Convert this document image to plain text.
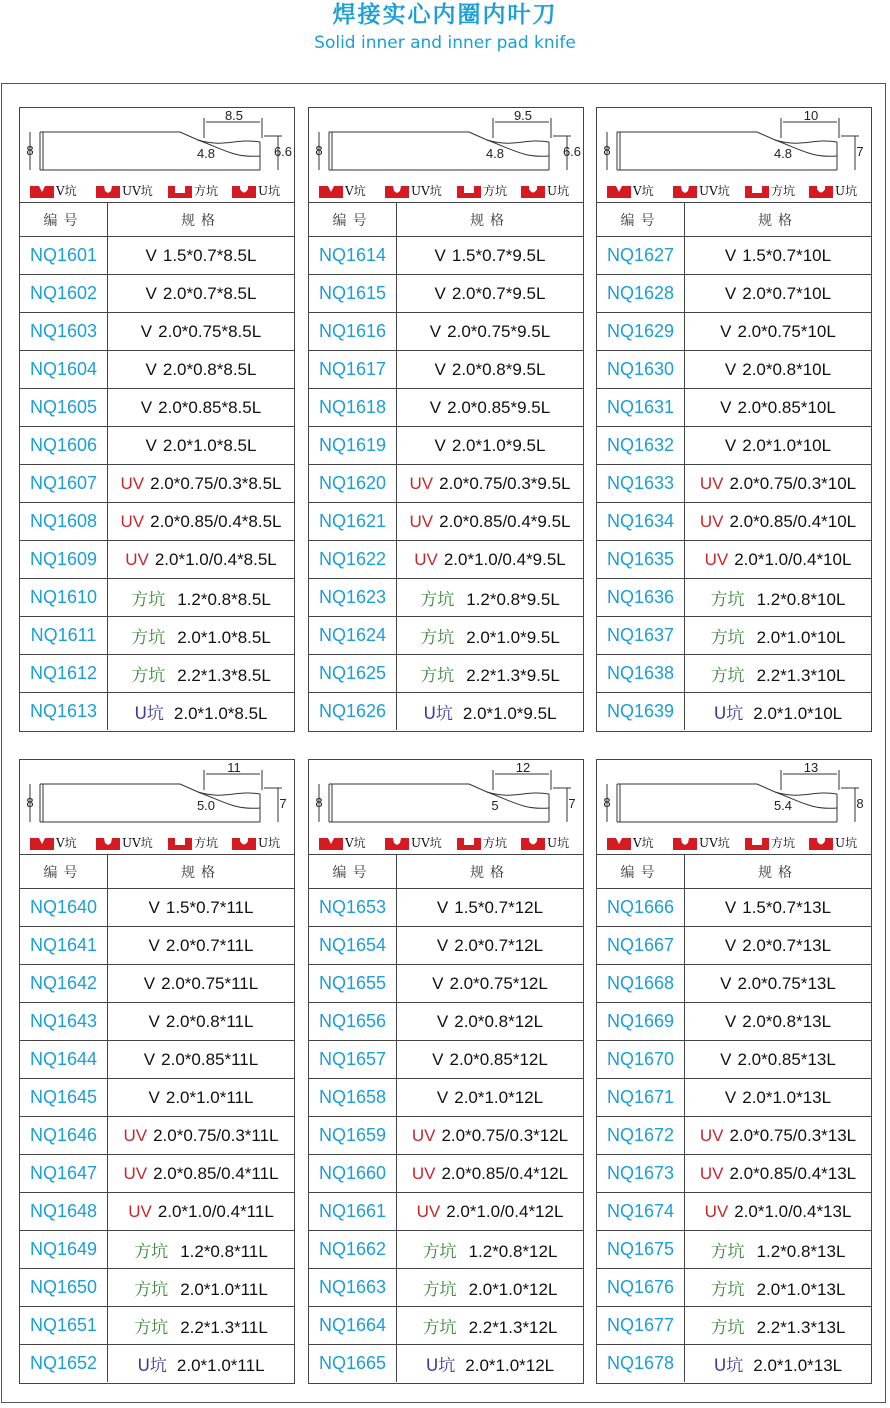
焊接实心内圈内叶刀
Solid inner and inner pad knife
8.5
8	4.8	6.6
V坑	UV坑	方坑	U坑
编号	规格
NQ1601	V 1.5*0.7*8.5L
NQ1602	V 2.0*0.7*8.5L
NQ1603	V 2.0*0.75*8.5L
NQ1604	V 2.0*0.8*8.5L
NQ1605	V 2.0*0.85*8.5L
NQ1606	V 2.0*1.0*8.5L
NQ1607	UV 2.0*0.75/0.3*8.5L
NQ1608	UV 2.0*0.85/0.4*8.5L
NQ1609	UV 2.0*1.0/0.4*8.5L
NQ1610	方坑 1.2*0.8*8.5L
NQ1611	方坑 2.0*1.0*8.5L
NQ1612	方坑 2.2*1.3*8.5L
NQ1613	U坑 2.0*1.0*8.5L
9.5
8	4.8	6.6
V坑	UV坑	方坑	U坑
编号	规格
NQ1614	V 1.5*0.7*9.5L
NQ1615	V 2.0*0.7*9.5L
NQ1616	V 2.0*0.75*9.5L
NQ1617	V 2.0*0.8*9.5L
NQ1618	V 2.0*0.85*9.5L
NQ1619	V 2.0*1.0*9.5L
NQ1620	UV 2.0*0.75/0.3*9.5L
NQ1621	UV 2.0*0.85/0.4*9.5L
NQ1622	UV 2.0*1.0/0.4*9.5L
NQ1623	方坑 1.2*0.8*9.5L
NQ1624	方坑 2.0*1.0*9.5L
NQ1625	方坑 2.2*1.3*9.5L
NQ1626	U坑 2.0*1.0*9.5L
10
8	4.8	7
V坑	UV坑	方坑	U坑
编号	规格
NQ1627	V 1.5*0.7*10L
NQ1628	V 2.0*0.7*10L
NQ1629	V 2.0*0.75*10L
NQ1630	V 2.0*0.8*10L
NQ1631	V 2.0*0.85*10L
NQ1632	V 2.0*1.0*10L
NQ1633	UV 2.0*0.75/0.3*10L
NQ1634	UV 2.0*0.85/0.4*10L
NQ1635	UV 2.0*1.0/0.4*10L
NQ1636	方坑 1.2*0.8*10L
NQ1637	方坑 2.0*1.0*10L
NQ1638	方坑 2.2*1.3*10L
NQ1639	U坑 2.0*1.0*10L
11
8	5.0	7
V坑	UV坑	方坑	U坑
编号	规格
NQ1640	V 1.5*0.7*11L
NQ1641	V 2.0*0.7*11L
NQ1642	V 2.0*0.75*11L
NQ1643	V 2.0*0.8*11L
NQ1644	V 2.0*0.85*11L
NQ1645	V 2.0*1.0*11L
NQ1646	UV 2.0*0.75/0.3*11L
NQ1647	UV 2.0*0.85/0.4*11L
NQ1648	UV 2.0*1.0/0.4*11L
NQ1649	方坑 1.2*0.8*11L
NQ1650	方坑 2.0*1.0*11L
NQ1651	方坑 2.2*1.3*11L
NQ1652	U坑 2.0*1.0*11L
12
8	5	7
V坑	UV坑	方坑	U坑
编号	规格
NQ1653	V 1.5*0.7*12L
NQ1654	V 2.0*0.7*12L
NQ1655	V 2.0*0.75*12L
NQ1656	V 2.0*0.8*12L
NQ1657	V 2.0*0.85*12L
NQ1658	V 2.0*1.0*12L
NQ1659	UV 2.0*0.75/0.3*12L
NQ1660	UV 2.0*0.85/0.4*12L
NQ1661	UV 2.0*1.0/0.4*12L
NQ1662	方坑 1.2*0.8*12L
NQ1663	方坑 2.0*1.0*12L
NQ1664	方坑 2.2*1.3*12L
NQ1665	U坑 2.0*1.0*12L
13
8	5.4	8
V坑	UV坑	方坑	U坑
编号	规格
NQ1666	V 1.5*0.7*13L
NQ1667	V 2.0*0.7*13L
NQ1668	V 2.0*0.75*13L
NQ1669	V 2.0*0.8*13L
NQ1670	V 2.0*0.85*13L
NQ1671	V 2.0*1.0*13L
NQ1672	UV 2.0*0.75/0.3*13L
NQ1673	UV 2.0*0.85/0.4*13L
NQ1674	UV 2.0*1.0/0.4*13L
NQ1675	方坑 1.2*0.8*13L
NQ1676	方坑 2.0*1.0*13L
NQ1677	方坑 2.2*1.3*13L
NQ1678	U坑 2.0*1.0*13L
